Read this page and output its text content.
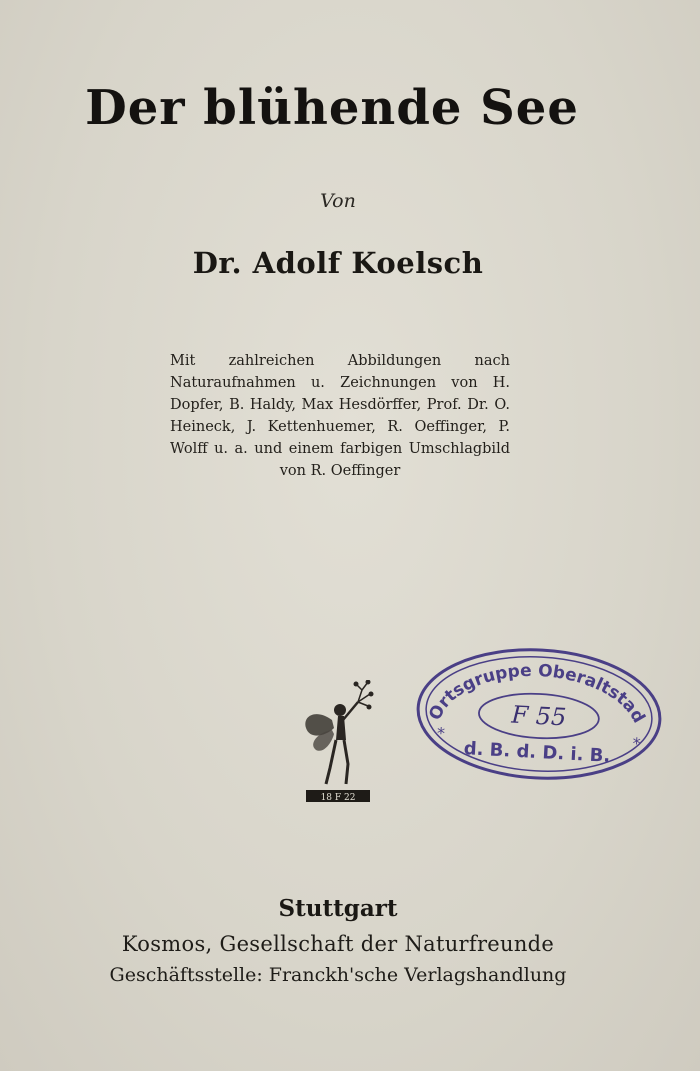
Der blühende See
Von
Dr. Adolf Koelsch
Mit zahlreichen Abbildungen nach Naturaufnahmen u. Zeichnungen von H. Dopfer, B. Haldy, Max Hesdörffer, Prof. Dr. O. Heineck, J. Kettenhuemer, R. Oeffinger, P. Wolff u. a. und einem farbigen Umschlagbild von R. Oeffinger
18 F 22
Ortsgruppe Oberaltstadt
F 55
*
*
d. B. d. D. i. B.
Stuttgart
Kosmos, Gesellschaft der Naturfreunde
Geschäftsstelle: Franckh'sche Verlagshandlung
